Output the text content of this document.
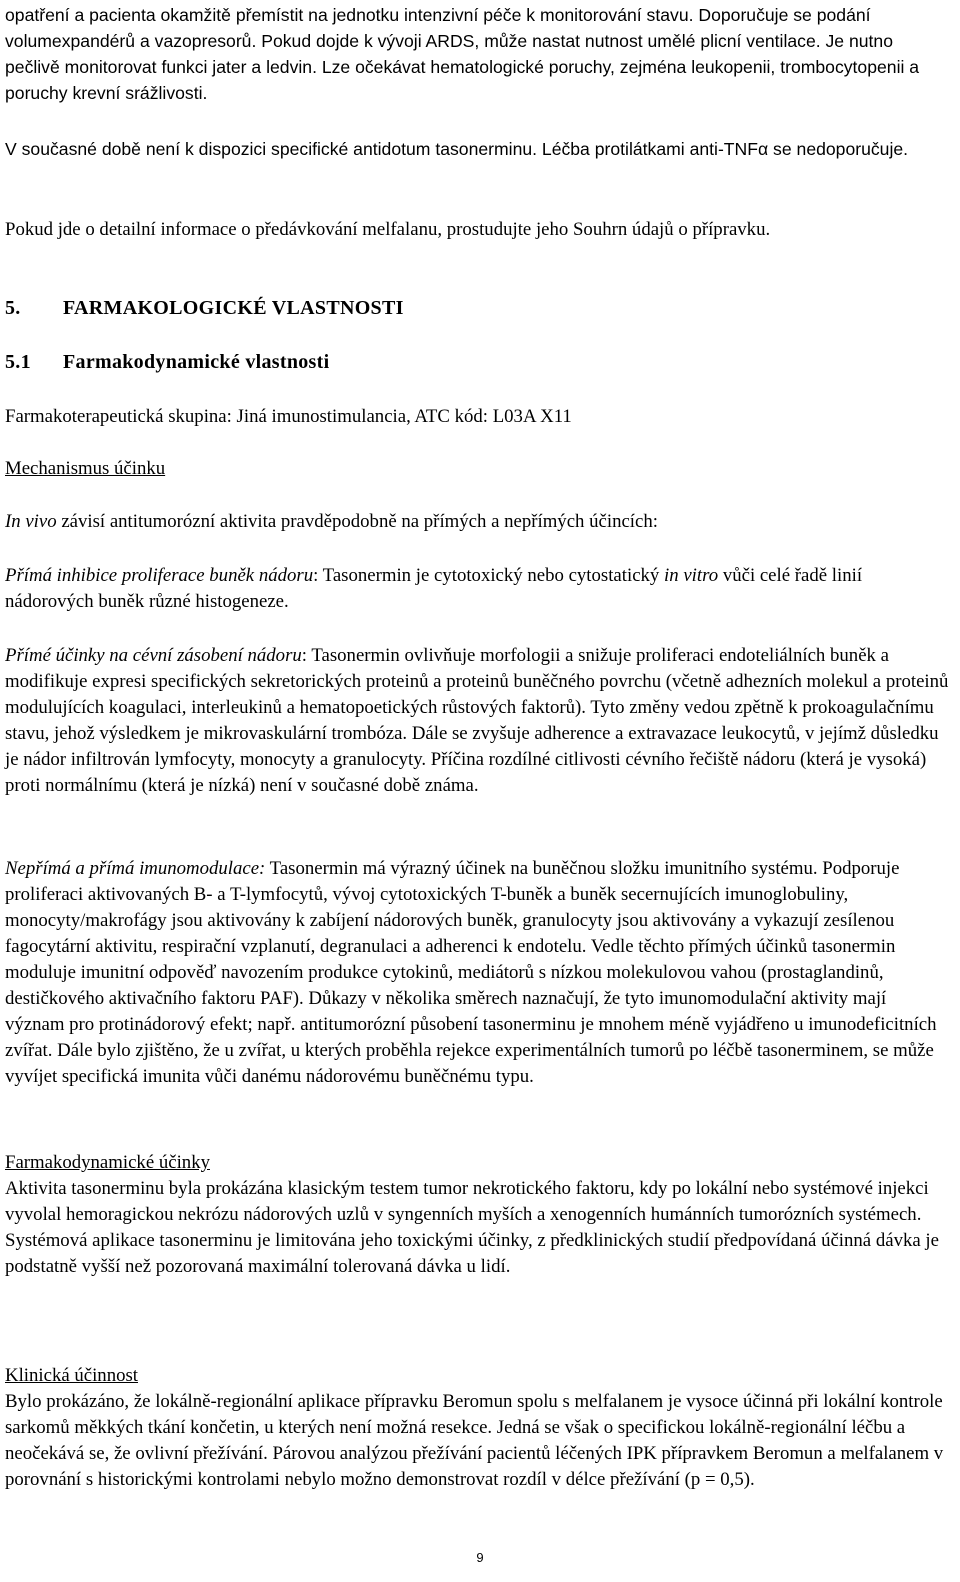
opatření a pacienta okamžitě přemístit na jednotku intenzivní péče k monitorování stavu. Doporučuje se podání volumexpandérů a vazopresorů. Pokud dojde k vývoji ARDS, může nastat nutnost umělé plicní ventilace. Je nutno pečlivě monitorovat funkci jater a ledvin. Lze očekávat hematologické poruchy, zejména leukopenii, trombocytopenii a poruchy krevní srážlivosti.

V současné době není k dispozici specifické antidotum tasonerminu. Léčba protilátkami anti-TNFα se nedoporučuje.

Pokud jde o detailní informace o předávkování melfalanu, prostudujte jeho Souhrn údajů o přípravku.

5. FARMAKOLOGICKÉ VLASTNOSTI
5.1 Farmakodynamické vlastnosti

Farmakoterapeutická skupina: Jiná imunostimulancia, ATC kód: L03A X11

Mechanismus účinku

In vivo závisí antitumorózní aktivita pravděpodobně na přímých a nepřímých účincích:

Přímá inhibice proliferace buněk nádoru: Tasonermin je cytotoxický nebo cytostatický in vitro vůči celé řadě linií nádorových buněk různé histogeneze.

Přímé účinky na cévní zásobení nádoru: Tasonermin ovlivňuje morfologii a snižuje proliferaci endoteliálních buněk a modifikuje expresi specifických sekretorických proteinů a proteinů buněčného povrchu (včetně adhezních molekul a proteinů modulujících koagulaci, interleukinů a hematopoetických růstových faktorů). Tyto změny vedou zpětně k prokoagulačnímu stavu, jehož výsledkem je mikrovaskulární trombóza. Dále se zvyšuje adherence a extravazace leukocytů, v jejímž důsledku je nádor infiltrován lymfocyty, monocyty a granulocyty. Příčina rozdílné citlivosti cévního řečiště nádoru (která je vysoká) proti normálnímu (která je nízká) není v současné době známa.

Nepřímá a přímá imunomodulace: Tasonermin má výrazný účinek na buněčnou složku imunitního systému. Podporuje proliferaci aktivovaných B- a T-lymfocytů, vývoj cytotoxických T-buněk a buněk secernujících imunoglobuliny, monocyty/makrofágy jsou aktivovány k zabíjení nádorových buněk, granulocyty jsou aktivovány a vykazují zesílenou fagocytární aktivitu, respirační vzplanutí, degranulaci a adherenci k endotelu. Vedle těchto přímých účinků tasonermin moduluje imunitní odpověď navozením produkce cytokinů, mediátorů s nízkou molekulovou vahou (prostaglandinů, destičkového aktivačního faktoru PAF). Důkazy v několika směrech naznačují, že tyto imunomodulační aktivity mají význam pro protinádorový efekt; např. antitumorózní působení tasonerminu je mnohem méně vyjádřeno u imunodeficitních zvířat. Dále bylo zjištěno, že u zvířat, u kterých proběhla rejekce experimentálních tumorů po léčbě tasonerminem, se může vyvíjet specifická imunita vůči danému nádorovému buněčnému typu.

Farmakodynamické účinky

Aktivita tasonerminu byla prokázána klasickým testem tumor nekrotického faktoru, kdy po lokální nebo systémové injekci vyvolal hemoragickou nekrózu nádorových uzlů v syngenních myších a xenogenních humánních tumorózních systémech. Systémová aplikace tasonerminu je limitována jeho toxickými účinky, z předklinických studií předpovídaná účinná dávka je podstatně vyšší než pozorovaná maximální tolerovaná dávka u lidí.

Klinická účinnost

Bylo prokázáno, že lokálně-regionální aplikace přípravku Beromun spolu s melfalanem je vysoce účinná při lokální kontrole sarkomů měkkých tkání končetin, u kterých není možná resekce. Jedná se však o specifickou lokálně-regionální léčbu a neočekává se, že ovlivní přežívání. Párovou analýzou přežívání pacientů léčených IPK přípravkem Beromun a melfalanem v porovnání s historickými kontrolami nebylo možno demonstrovat rozdíl v délce přežívání (p = 0,5).

9
